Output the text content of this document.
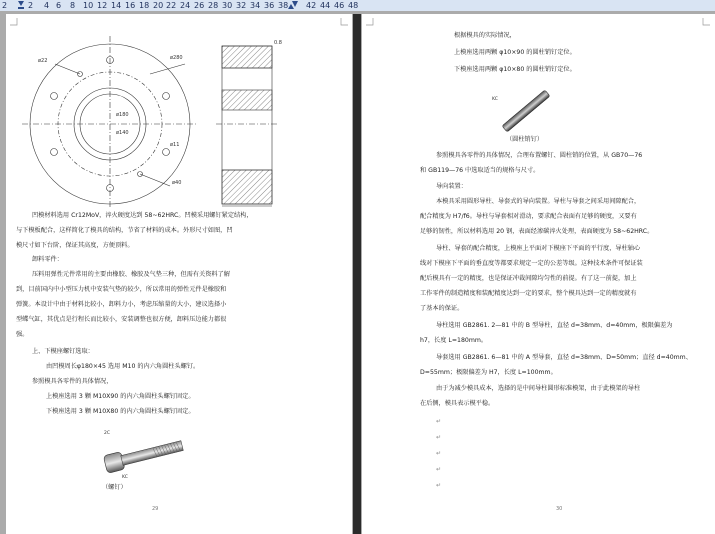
2 4 6 8 10 12 14 16 18 20 22 24 26 28 30 32 34 36 38 42 44 46 48
2
ø280
ø40
ø22
ø180
ø140
ø11
0.8
凹模材料选用 Cr12MoV，淬火硬度达到 58~62HRC。凹模采用螺钉紧定结构，
与下模板配合，这样简化了模具的结构，节省了材料的成本。外形尺寸如图，凹
模尺寸如下台阶，保证其高度，方便顶料。
卸料零件：
压料用弹性元件常用的主要由橡胶、橡胶及气垫三种，但需有关资料了解
到，目前国内中小型压力机中安装气垫的较少，所以常用的弹性元件是橡胶和
弹簧。本设计中由于材料比较小，卸料力小，考虑压缩量的大小，建议选择小
型蝶气缸，其优点是行程长而比较小，安装调整也很方便，卸料压边能力都很
强。
上、下模座螺钉选取：
由凹模周长φ180×45 选用 M10 的内六角圆柱头螺钉。
参照模具各零件的具体情况，
上模座选用 3 颗 M10X90 的内六角圆柱头螺钉固定。
下模座选用 3 颗 M10X80 的内六角圆柱头螺钉固定。
2C
KC
（螺钉）
29
根据模具的实际情况，
上模座选用两颗 φ10×90 的圆柱销钉定位。
下模座选用两颗 φ10×80 的圆柱销钉定位。
KC
（圆柱销钉）
参照模具各零件的具体情况，合理布置螺钉、圆柱销的位置，从 GB70—76
和 GB119—76 中选取适当的规格与尺寸。
导向装置：
本模具采用圆形导柱、导套式的导向装置。导柱与导套之间采用间隙配合，
配合精度为 H7/f6。导柱与导套相对滑动，要求配合表面有足够的硬度，又要有
足够的韧性，所以材料选用 20 钢，表面经渗碳淬火处理，表面硬度为 58~62HRC。
导柱、导套的配合精度，上模座上平面对下模座下平面的平行度，导柱轴心
线对下模座下平面的垂直度等都要求规定一定的公差等级。这种技术条件可保证装
配后模具有一定的精度，也是保证冲裁间隙均匀性的前提。有了这一前提，加上
工作零件的制造精度和装配精度达到一定的要求，整个模具达到一定的精度就有
了基本的保证。
导柱选用 GB2861. 2—81 中的 B 型导柱，直径 d=38mm、d=40mm，极限偏差为
h7，长度 L=180mm。
导套选用 GB2861. 6—81 中的 A 型导套，直径 d=38mm、D=50mm；直径 d=40mm、
D=55mm；极限偏差为 H7，长度 L=100mm。
由于为减少模具成本，选择的是中间导柱圆形标准模架，由于此模架的导柱
在后侧，模具表示模平稳。
↵
↵
↵
↵
↵
30
